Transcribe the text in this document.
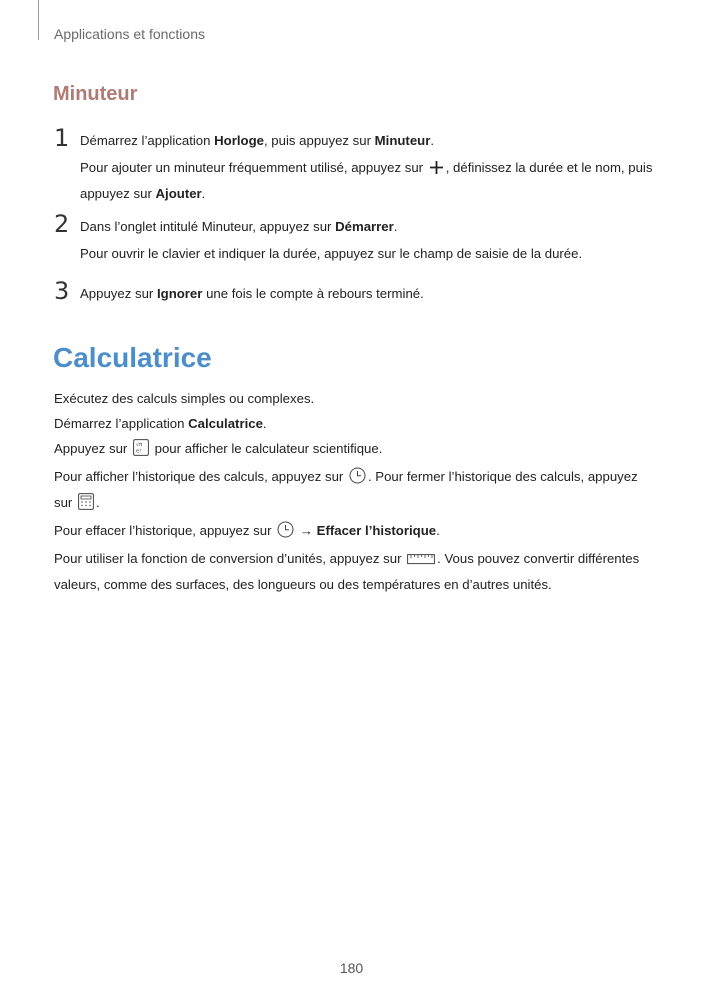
Applications et fonctions
Minuteur
1 Démarrez l’application Horloge, puis appuyez sur Minuteur.

Pour ajouter un minuteur fréquemment utilisé, appuyez sur , définissez la durée et le nom, puis appuyez sur Ajouter.

2 Dans l’onglet intitulé Minuteur, appuyez sur Démarrer.

Pour ouvrir le clavier et indiquer la durée, appuyez sur le champ de saisie de la durée.

3 Appuyez sur Ignorer une fois le compte à rebours terminé.

Calculatrice

Exécutez des calculs simples ou complexes.

Démarrez l’application Calculatrice.

Appuyez sur √π
e! pour afficher le calculateur scientifique.

Pour afficher l’historique des calculs, appuyez sur . Pour fermer l’historique des calculs, appuyez sur .

Pour effacer l’historique, appuyez sur  → Effacer l’historique.

Pour utiliser la fonction de conversion d’unités, appuyez sur . Vous pouvez convertir différentes valeurs, comme des surfaces, des longueurs ou des températures en d’autres unités.

180
